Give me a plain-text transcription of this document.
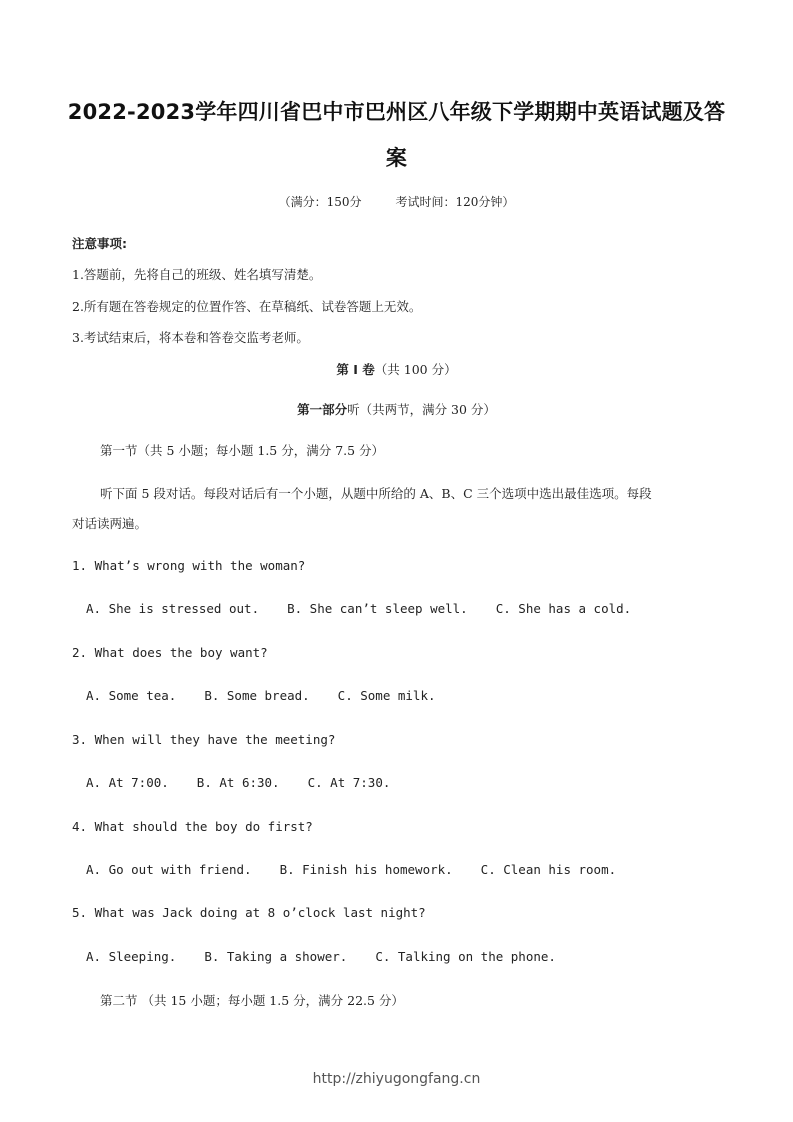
2022-2023学年四川省巴中市巴州区八年级下学期期中英语试题及答
案
（满分：150分	考试时间：120分钟）
注意事项:
1.答题前，先将自己的班级、姓名填写清楚。
2.所有题在答卷规定的位置作答、在草稿纸、试卷答题上无效。
3.考试结束后，将本卷和答卷交监考老师。
第 I 卷（共 100 分）
第一部分听（共两节，满分 30 分）
第一节（共 5 小题；每小题 1.5 分，满分 7.5 分）
听下面 5 段对话。每段对话后有一个小题，从题中所给的 A、B、C 三个选项中选出最佳选项。每段
对话读两遍。
1. What’s wrong with the woman?
A. She is stressed out. B. She can’t sleep well. C. She has a cold.
2. What does the boy want?
A. Some tea. B. Some bread. C. Some milk.
3. When will they have the meeting?
A. At 7:00. B. At 6:30. C. At 7:30.
4. What should the boy do first?
A. Go out with friend. B. Finish his homework. C. Clean his room.
5. What was Jack doing at 8 o’clock last night?
A. Sleeping. B. Taking a shower. C. Talking on the phone.
第二节 （共 15 小题；每小题 1.5 分，满分 22.5 分）
http://zhiyugongfang.cn
